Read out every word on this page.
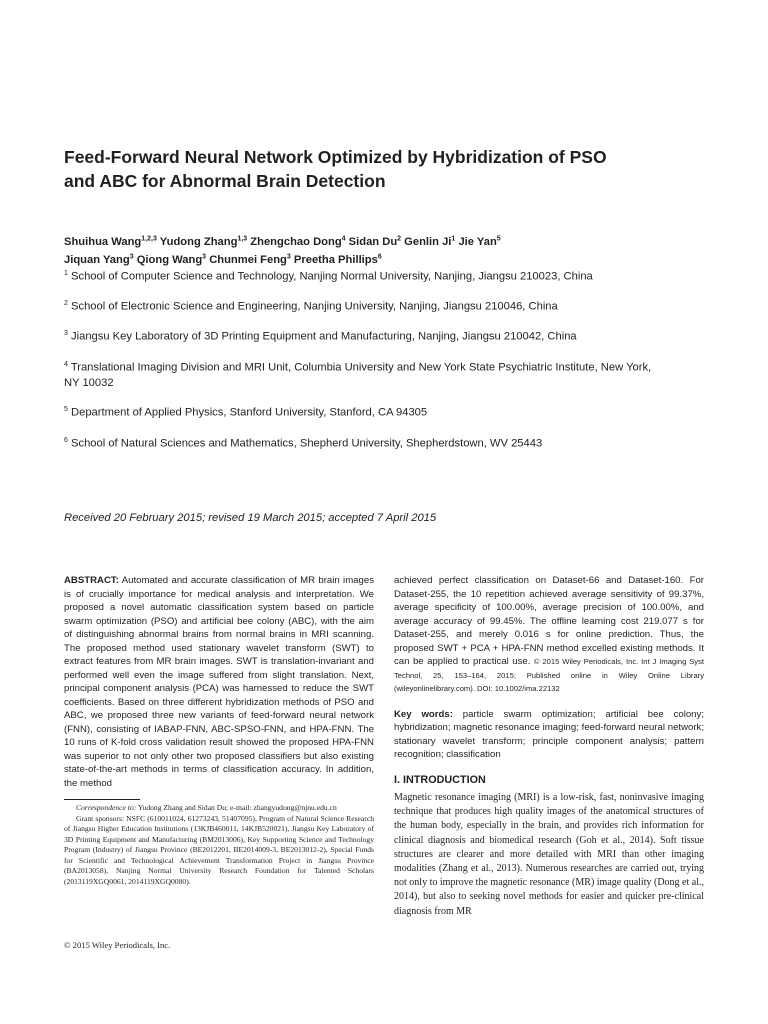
Feed-Forward Neural Network Optimized by Hybridization of PSO and ABC for Abnormal Brain Detection
Shuihua Wang$^{1,2,3}$ Yudong Zhang$^{1,3}$ Zhengchao Dong$^4$ Sidan Du$^2$ Genlin Ji$^1$ Jie Yan$^5$
Jiquan Yang$^3$ Qiong Wang$^3$ Chunmei Feng$^3$ Preetha Phillips$^6$

$^1$ School of Computer Science and Technology, Nanjing Normal University, Nanjing, Jiangsu 210023, China

$^2$ School of Electronic Science and Engineering, Nanjing University, Nanjing, Jiangsu 210046, China

$^3$ Jiangsu Key Laboratory of 3D Printing Equipment and Manufacturing, Nanjing, Jiangsu 210042, China

$^4$ Translational Imaging Division and MRI Unit, Columbia University and New York State Psychiatric Institute, New York, NY 10032

$^5$ Department of Applied Physics, Stanford University, Stanford, CA 94305

$^6$ School of Natural Sciences and Mathematics, Shepherd University, Shepherdstown, WV 25443

Received 20 February 2015; revised 19 March 2015; accepted 7 April 2015

ABSTRACT: Automated and accurate classification of MR brain images is of crucially importance for medical analysis and interpretation. We proposed a novel automatic classification system based on particle swarm optimization (PSO) and artificial bee colony (ABC), with the aim of distinguishing abnormal brains from normal brains in MRI scanning. The proposed method used stationary wavelet transform (SWT) to extract features from MR brain images. SWT is translation-invariant and performed well even the image suffered from slight translation. Next, principal component analysis (PCA) was harnessed to reduce the SWT coefficients. Based on three different hybridization methods of PSO and ABC, we proposed three new variants of feed-forward neural network (FNN), consisting of IABAP-FNN, ABC-SPSO-FNN, and HPA-FNN. The 10 runs of K-fold cross validation result showed the proposed HPA-FNN was superior to not only other two proposed classifiers but also existing state-of-the-art methods in terms of classification accuracy. In addition, the method

Correspondence to: Yudong Zhang and Sidan Du; e-mail: zhangyudong@njnu.edu.cn

Grant sponsors: NSFC (610011024, 61273243, 51407095), Program of Natural Science Research of Jiangsu Higher Education Institutions (13KJB460011, 14KJB520021), Jiangsu Key Laboratory of 3D Printing Equipment and Manufacturing (BM2013006), Key Supporting Science and Technology Program (Industry) of Jiangsu Province (BE2012201, BE2014009-3, BE2013012-2), Special Funds for Scientific and Technological Achievement Transformation Project in Jiangsu Province (BA2013058), Nanjing Normal University Research Foundation for Talented Scholars (2013119XGQ0061, 2014119XGQ0080).

© 2015 Wiley Periodicals, Inc.

achieved perfect classification on Dataset-66 and Dataset-160. For Dataset-255, the 10 repetition achieved average sensitivity of 99.37%, average specificity of 100.00%, average precision of 100.00%, and average accuracy of 99.45%. The offline learning cost 219.077 s for Dataset-255, and merely 0.016 s for online prediction. Thus, the proposed SWT + PCA + HPA-FNN method excelled existing methods. It can be applied to practical use. © 2015 Wiley Periodicals, Inc. Int J Imaging Syst Technol, 25, 153–164, 2015; Published online in Wiley Online Library (wileyonlinelibrary.com). DOI: 10.1002/ima.22132

Key words: particle swarm optimization; artificial bee colony; hybridization; magnetic resonance imaging; feed-forward neural network; stationary wavelet transform; principle component analysis; pattern recognition; classification

I. INTRODUCTION

Magnetic resonance imaging (MRI) is a low-risk, fast, noninvasive imaging technique that produces high quality images of the anatomical structures of the human body, especially in the brain, and provides rich information for clinical diagnosis and biomedical research (Goh et al., 2014). Soft tissue structures are clearer and more detailed with MRI than other imaging modalities (Zhang et al., 2013). Numerous researches are carried out, trying not only to improve the magnetic resonance (MR) image quality (Dong et al., 2014), but also to seeking novel methods for easier and quicker pre-clinical diagnosis from MR
